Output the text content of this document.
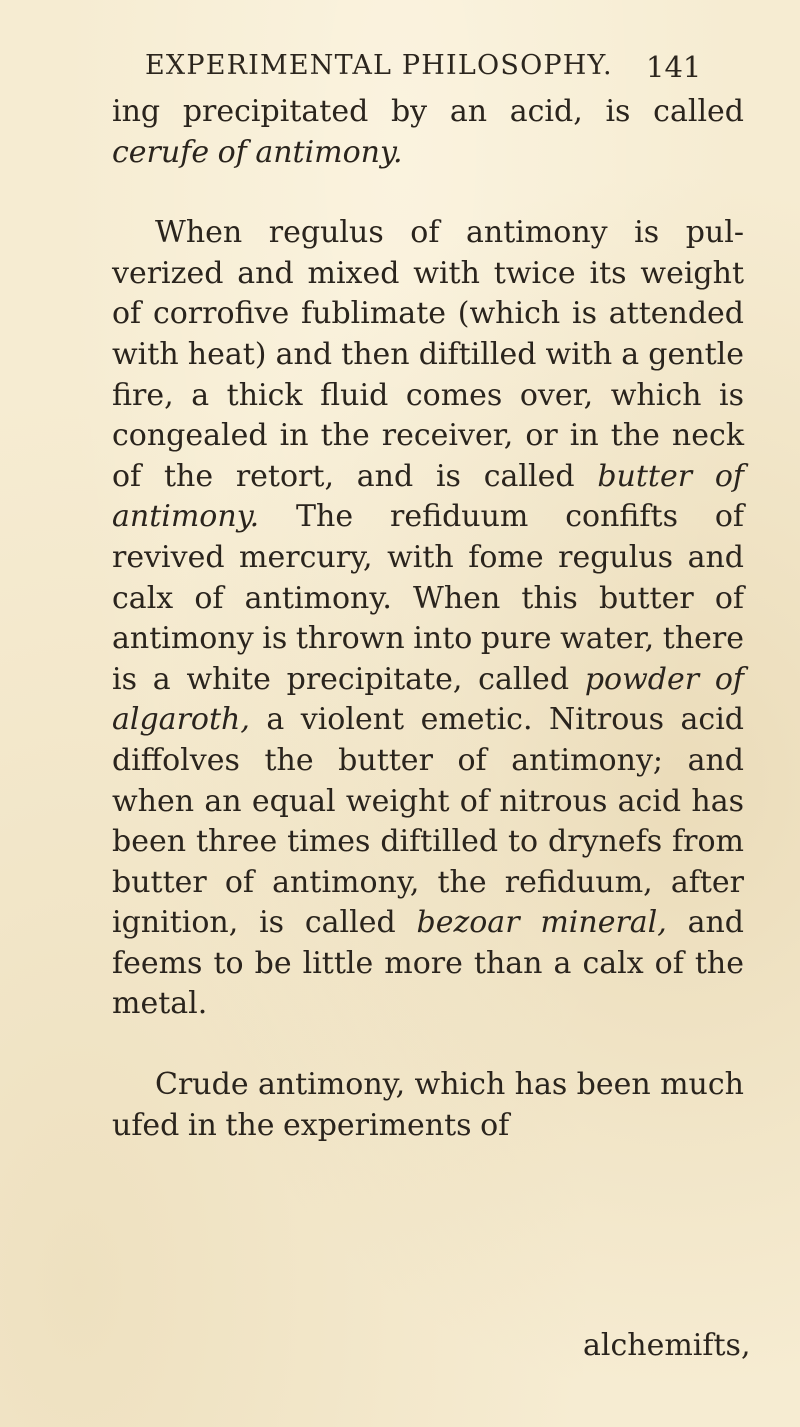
EXPERIMENTAL PHILOSOPHY. 141

ing precipitated by an acid, is called cerufe of antimony.

When regulus of antimony is pulverized and mixed with twice its weight of corrofive fublimate (which is attended with heat) and then diftilled with a gentle fire, a thick fluid comes over, which is congealed in the receiver, or in the neck of the retort, and is called butter of antimony. The refiduum confifts of revived mercury, with fome regulus and calx of antimony. When this butter of antimony is thrown into pure water, there is a white precipitate, called powder of algaroth, a violent emetic. Nitrous acid diffolves the butter of antimony; and when an equal weight of nitrous acid has been three times diftilled to drynefs from butter of antimony, the refiduum, after ignition, is called bezoar mineral, and feems to be little more than a calx of the metal.

Crude antimony, which has been much ufed in the experiments of

alchemifts,
